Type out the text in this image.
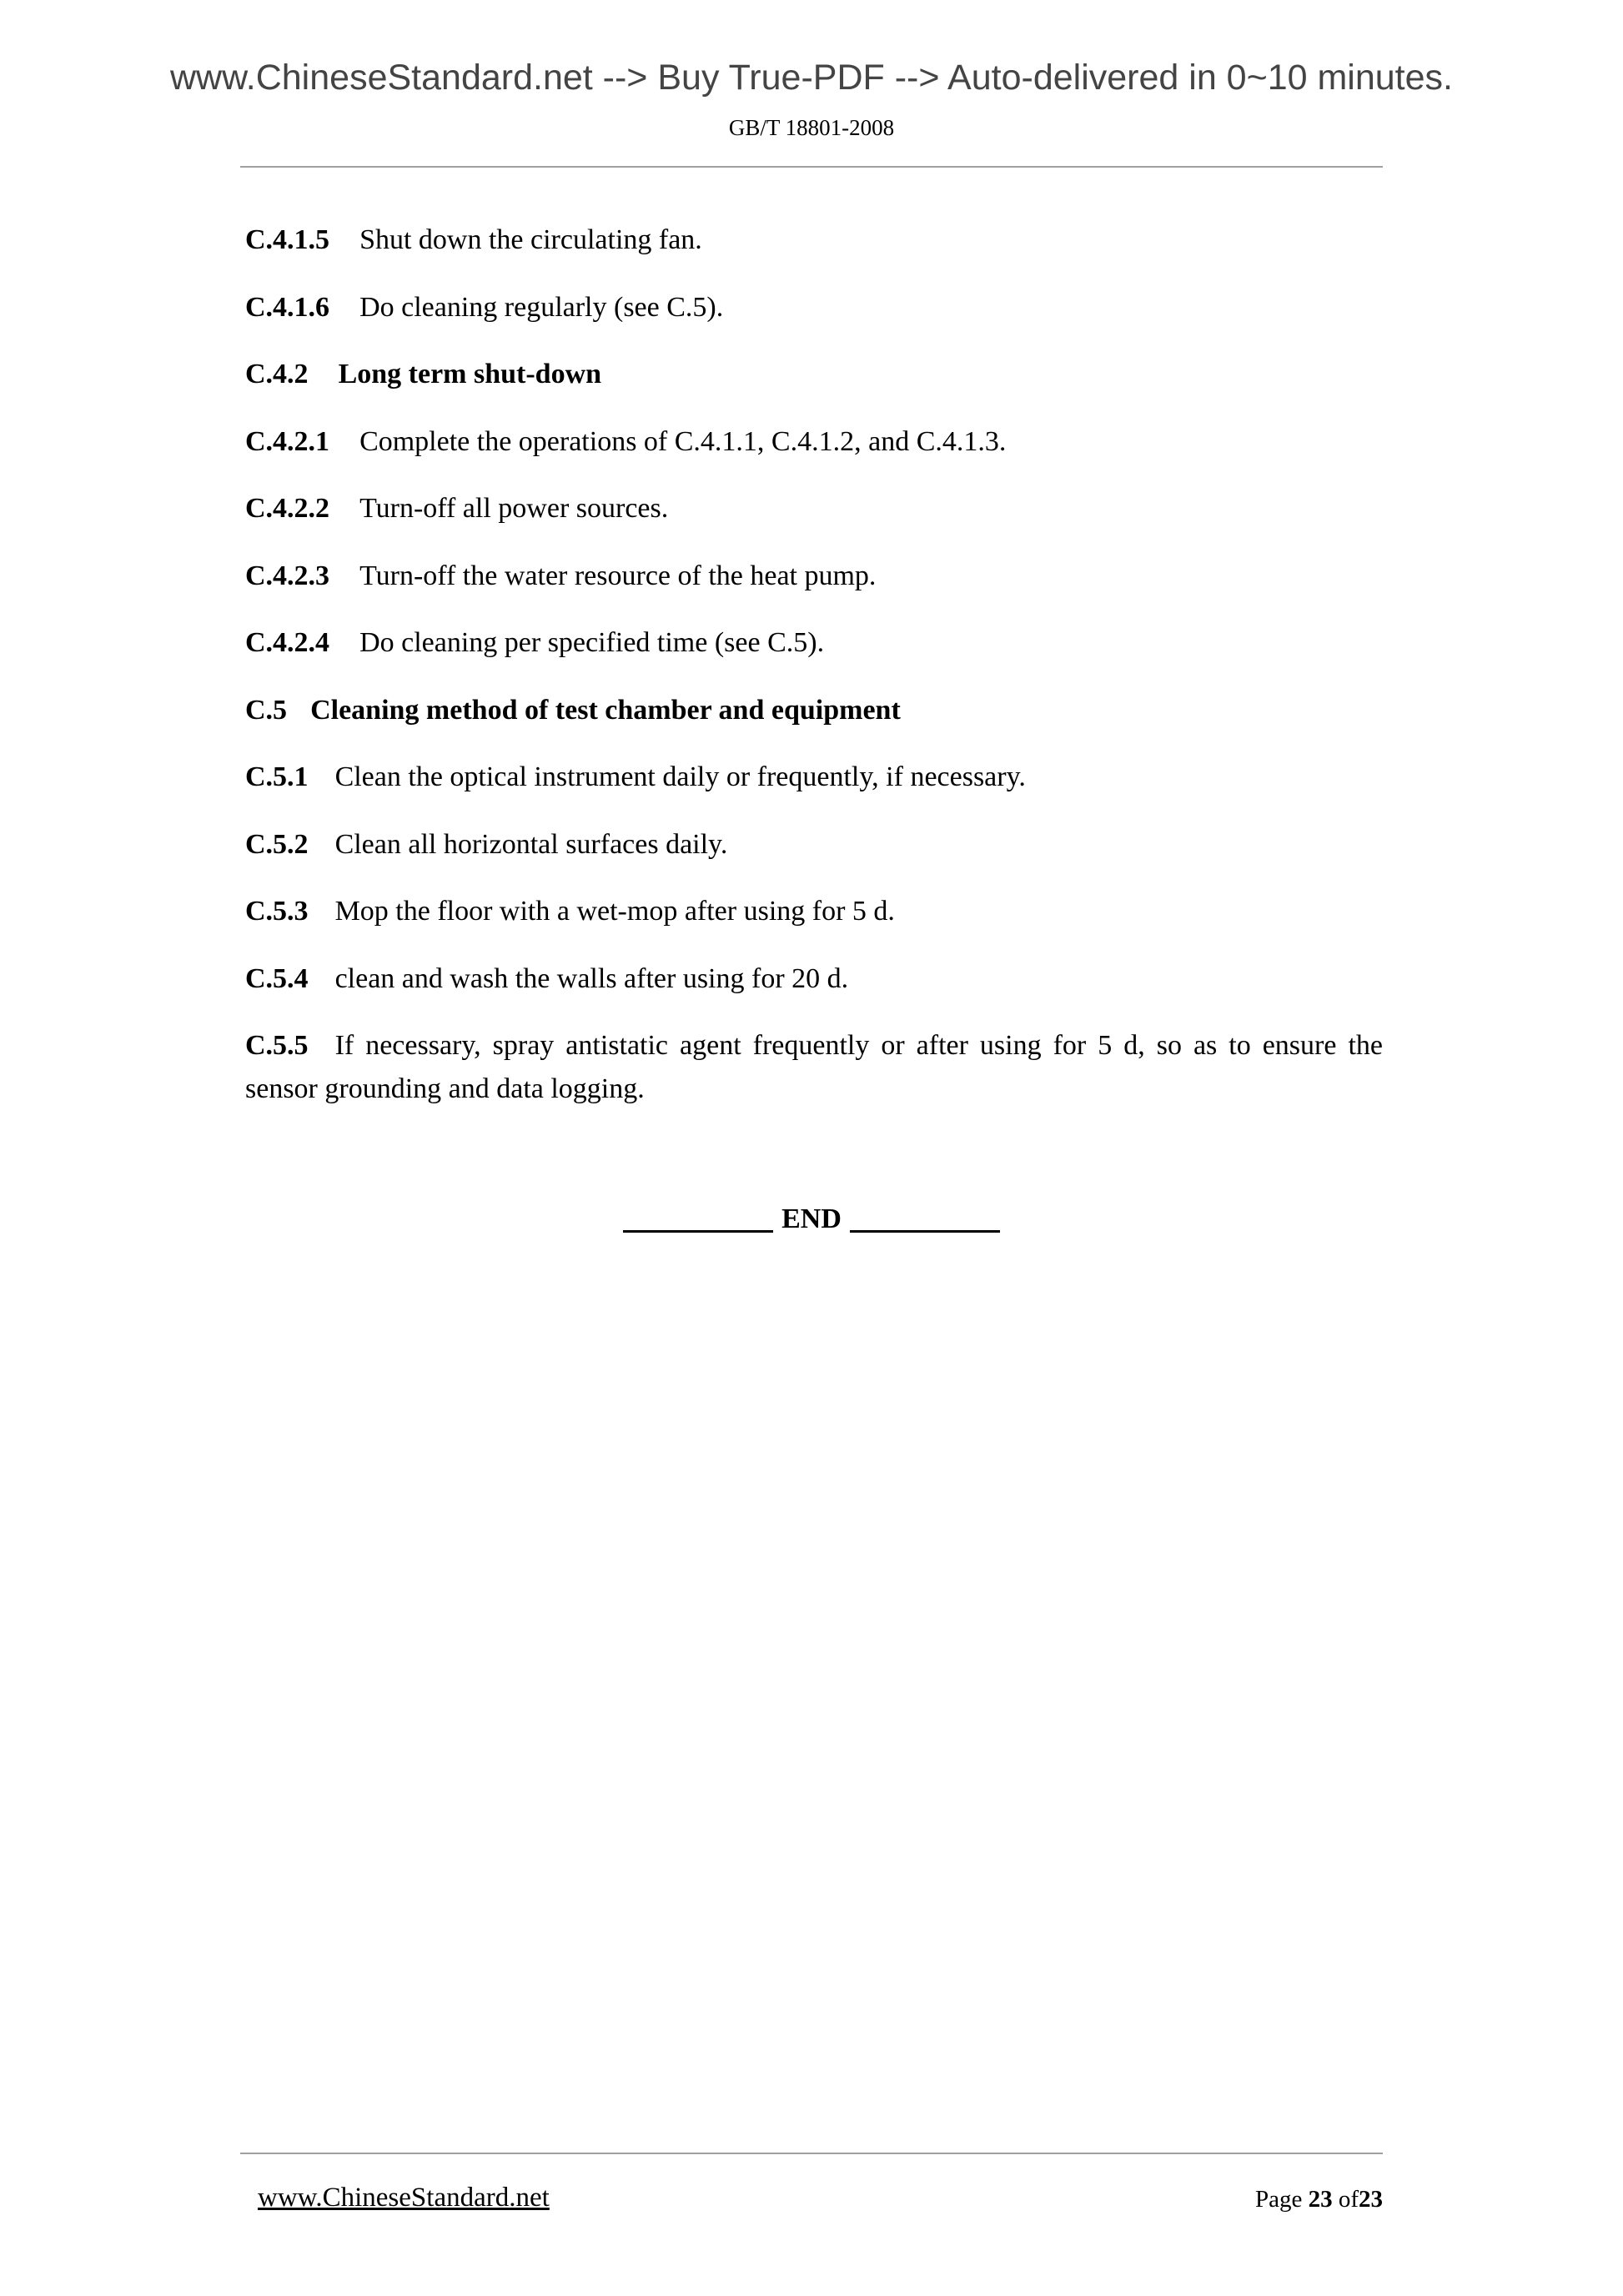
www.ChineseStandard.net --> Buy True-PDF --> Auto-delivered in 0~10 minutes.
GB/T 18801-2008
C.4.1.5 Shut down the circulating fan.
C.4.1.6 Do cleaning regularly (see C.5).
C.4.2 Long term shut-down
C.4.2.1 Complete the operations of C.4.1.1, C.4.1.2, and C.4.1.3.
C.4.2.2 Turn-off all power sources.
C.4.2.3 Turn-off the water resource of the heat pump.
C.4.2.4 Do cleaning per specified time (see C.5).
C.5 Cleaning method of test chamber and equipment
C.5.1 Clean the optical instrument daily or frequently, if necessary.
C.5.2 Clean all horizontal surfaces daily.
C.5.3 Mop the floor with a wet-mop after using for 5 d.
C.5.4 clean and wash the walls after using for 20 d.
C.5.5 If necessary, spray antistatic agent frequently or after using for 5 d, so as to ensure the sensor grounding and data logging.
END
www.ChineseStandard.net	Page 23 of23
